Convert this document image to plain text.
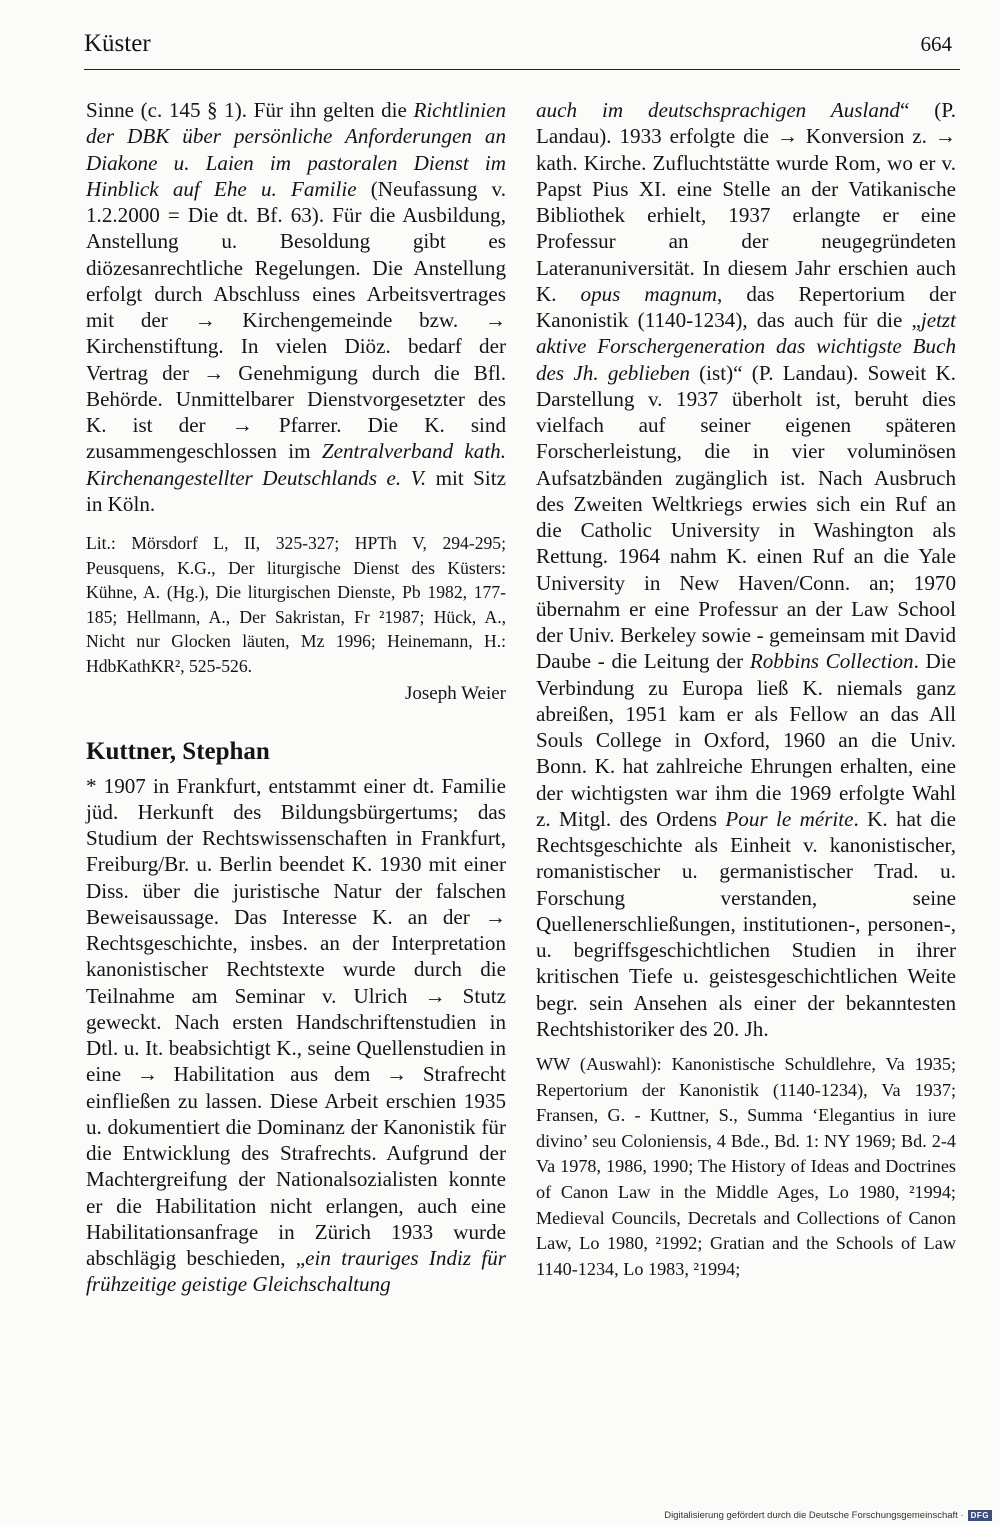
Küster	664

Sinne (c. 145 § 1). Für ihn gelten die Richtlinien der DBK über persönliche Anforderungen an Diakone u. Laien im pastoralen Dienst im Hinblick auf Ehe u. Familie (Neufassung v. 1.2.2000 = Die dt. Bf. 63). Für die Ausbildung, Anstellung u. Besoldung gibt es diözesanrechtliche Regelungen. Die Anstellung erfolgt durch Abschluss eines Arbeitsvertrages mit der → Kirchengemeinde bzw. → Kirchenstiftung. In vielen Diöz. bedarf der Vertrag der → Genehmigung durch die Bfl. Behörde. Unmittelbarer Dienstvorgesetzter des K. ist der → Pfarrer. Die K. sind zusammengeschlossen im Zentralverband kath. Kirchenangestellter Deutschlands e. V. mit Sitz in Köln.

Lit.: Mörsdorf L, II, 325-327; HPTh V, 294-295; Peusquens, K.G., Der liturgische Dienst des Küsters: Kühne, A. (Hg.), Die liturgischen Dienste, Pb 1982, 177-185; Hellmann, A., Der Sakristan, Fr ²1987; Hück, A., Nicht nur Glocken läuten, Mz 1996; Heinemann, H.: HdbKathKR², 525-526.

Joseph Weier

Kuttner, Stephan

* 1907 in Frankfurt, entstammt einer dt. Familie jüd. Herkunft des Bildungsbürgertums; das Studium der Rechtswissenschaften in Frankfurt, Freiburg/Br. u. Berlin beendet K. 1930 mit einer Diss. über die juristische Natur der falschen Beweisaussage. Das Interesse K. an der → Rechtsgeschichte, insbes. an der Interpretation kanonistischer Rechtstexte wurde durch die Teilnahme am Seminar v. Ulrich → Stutz geweckt. Nach ersten Handschriftenstudien in Dtl. u. It. beabsichtigt K., seine Quellenstudien in eine → Habilitation aus dem → Strafrecht einfließen zu lassen. Diese Arbeit erschien 1935 u. dokumentiert die Dominanz der Kanonistik für die Entwicklung des Strafrechts. Aufgrund der Machtergreifung der Nationalsozialisten konnte er die Habilitation nicht erlangen, auch eine Habilitationsanfrage in Zürich 1933 wurde abschlägig beschieden, „ein trauriges Indiz für frühzeitige geistige Gleichschaltung

auch im deutschsprachigen Ausland“ (P. Landau). 1933 erfolgte die → Konversion z. → kath. Kirche. Zufluchtstätte wurde Rom, wo er v. Papst Pius XI. eine Stelle an der Vatikanische Bibliothek erhielt, 1937 erlangte er eine Professur an der neugegründeten Lateranuniversität. In diesem Jahr erschien auch K. opus magnum, das Repertorium der Kanonistik (1140-1234), das auch für die „jetzt aktive Forschergeneration das wichtigste Buch des Jh. geblieben (ist)“ (P. Landau). Soweit K. Darstellung v. 1937 überholt ist, beruht dies vielfach auf seiner eigenen späteren Forscherleistung, die in vier voluminösen Aufsatzbänden zugänglich ist. Nach Ausbruch des Zweiten Weltkriegs erwies sich ein Ruf an die Catholic University in Washington als Rettung. 1964 nahm K. einen Ruf an die Yale University in New Haven/Conn. an; 1970 übernahm er eine Professur an der Law School der Univ. Berkeley sowie - gemeinsam mit David Daube - die Leitung der Robbins Collection. Die Verbindung zu Europa ließ K. niemals ganz abreißen, 1951 kam er als Fellow an das All Souls College in Oxford, 1960 an die Univ. Bonn. K. hat zahlreiche Ehrungen erhalten, eine der wichtigsten war ihm die 1969 erfolgte Wahl z. Mitgl. des Ordens Pour le mérite. K. hat die Rechtsgeschichte als Einheit v. kanonistischer, romanistischer u. germanistischer Trad. u. Forschung verstanden, seine Quellenerschließungen, institutionen-, personen-, u. begriffsgeschichtlichen Studien in ihrer kritischen Tiefe u. geistesgeschichtlichen Weite begr. sein Ansehen als einer der bekanntesten Rechtshistoriker des 20. Jh.

WW (Auswahl): Kanonistische Schuldlehre, Va 1935; Repertorium der Kanonistik (1140-1234), Va 1937; Fransen, G. - Kuttner, S., Summa ‘Elegantius in iure divino’ seu Coloniensis, 4 Bde., Bd. 1: NY 1969; Bd. 2-4 Va 1978, 1986, 1990; The History of Ideas and Doctrines of Canon Law in the Middle Ages, Lo 1980, ²1994; Medieval Councils, Decretals and Collections of Canon Law, Lo 1980, ²1992; Gratian and the Schools of Law 1140-1234, Lo 1983, ²1994;

Digitalisierung gefördert durch die Deutsche Forschungsgemeinschaft · DFG
